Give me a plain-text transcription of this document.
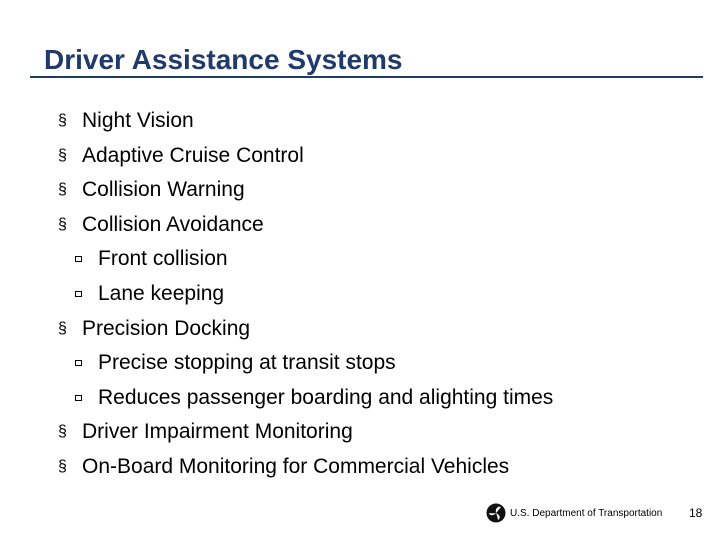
Driver Assistance Systems
§ Night Vision
§ Adaptive Cruise Control
§ Collision Warning
§ Collision Avoidance
Front collision
Lane keeping
§ Precision Docking
Precise stopping at transit stops
Reduces passenger boarding and alighting times
§ Driver Impairment Monitoring
§ On-Board Monitoring for Commercial Vehicles
U.S. Department of Transportation 18
